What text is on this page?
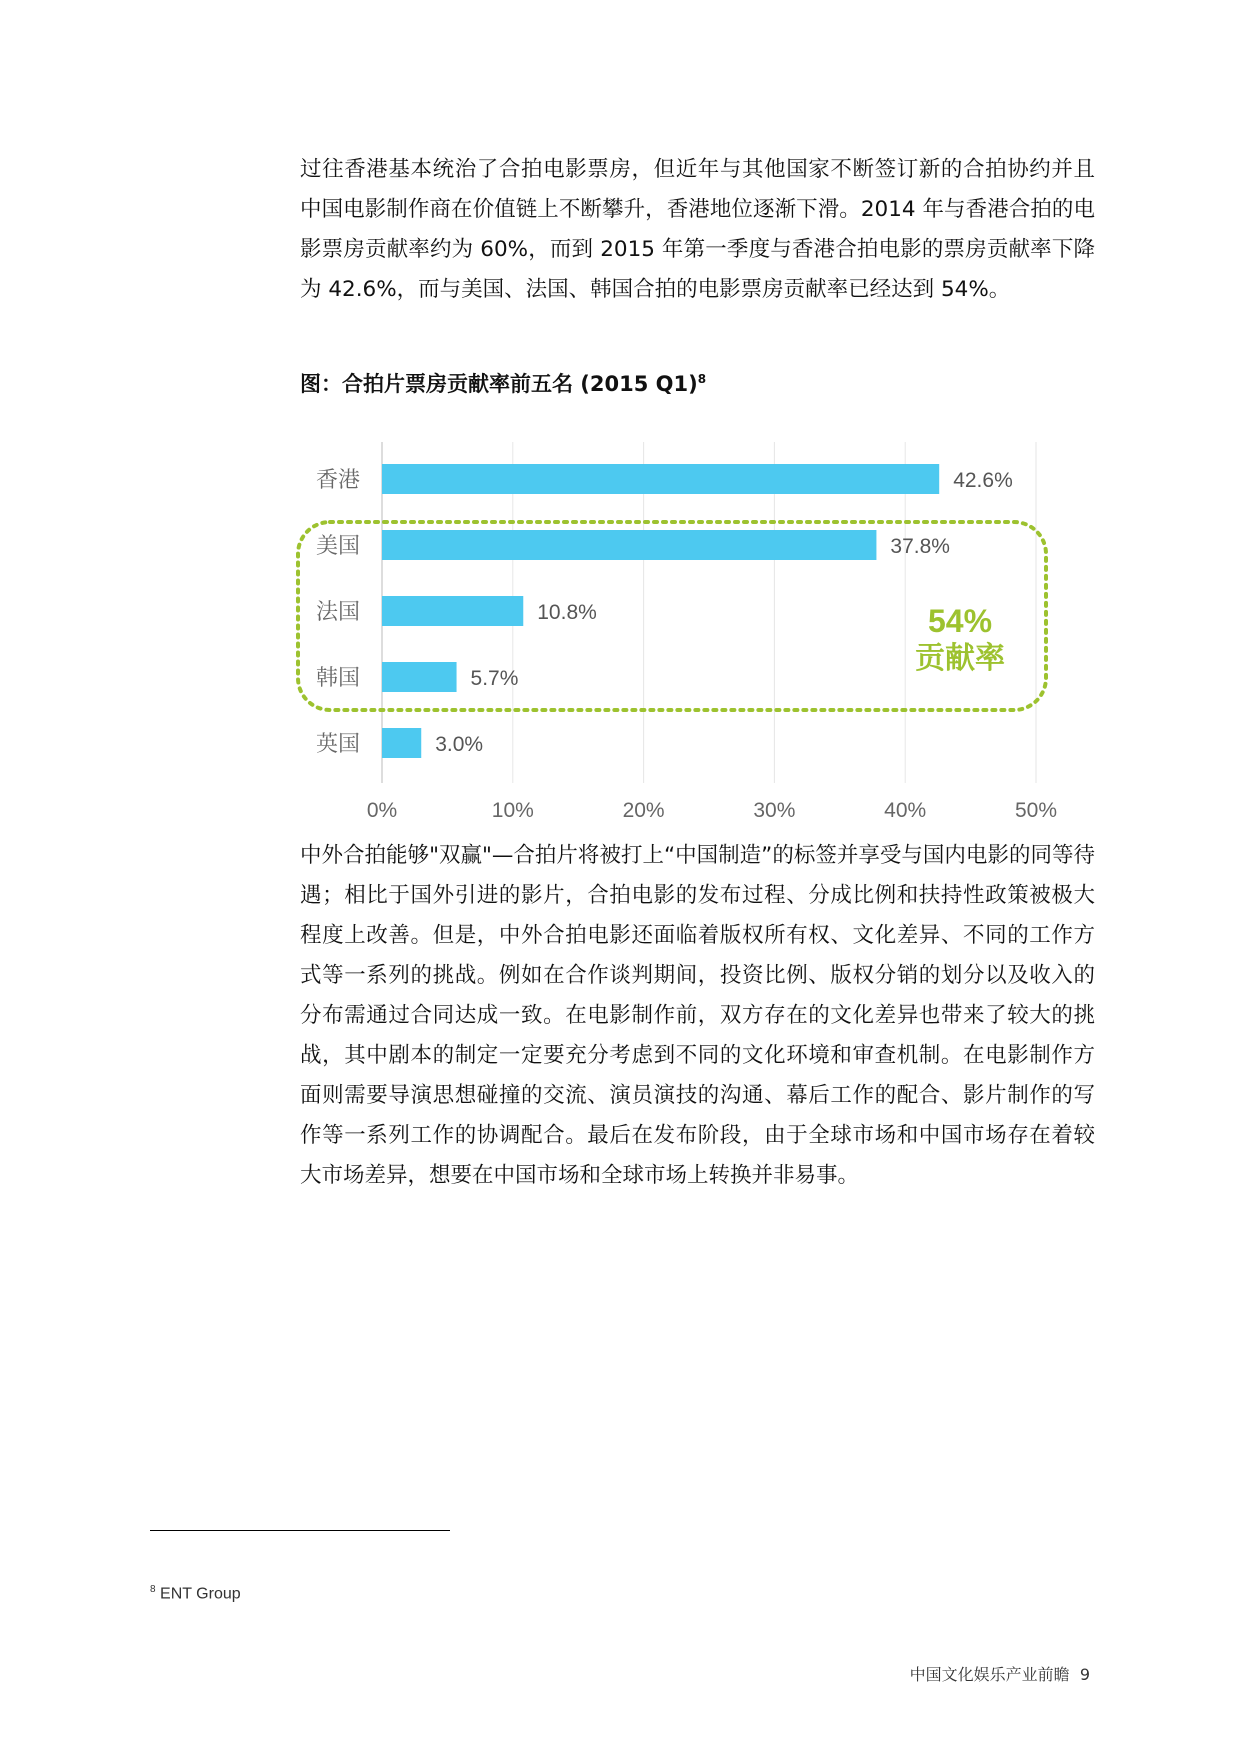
过往香港基本统治了合拍电影票房，但近年与其他国家不断签订新的合拍协约并且中国电影制作商在价值链上不断攀升，香港地位逐渐下滑。2014 年与香港合拍的电影票房贡献率约为 60%，而到 2015 年第一季度与香港合拍电影的票房贡献率下降为 42.6%，而与美国、法国、韩国合拍的电影票房贡献率已经达到 54%。

图：合拍片票房贡献率前五名 (2015 Q1)$^8$

0%	10%	20%	30%	40%	50%
香港	42.6%
美国	37.8%
法国	10.8%
韩国	5.7%
英国	3.0%
54%
贡献率

中外合拍能够"双赢"—合拍片将被打上“中国制造”的标签并享受与国内电影的同等待遇；相比于国外引进的影片，合拍电影的发布过程、分成比例和扶持性政策被极大程度上改善。但是，中外合拍电影还面临着版权所有权、文化差异、不同的工作方式等一系列的挑战。例如在合作谈判期间，投资比例、版权分销的划分以及收入的分布需通过合同达成一致。在电影制作前，双方存在的文化差异也带来了较大的挑战，其中剧本的制定一定要充分考虑到不同的文化环境和审查机制。在电影制作方面则需要导演思想碰撞的交流、演员演技的沟通、幕后工作的配合、影片制作的写作等一系列工作的协调配合。最后在发布阶段，由于全球市场和中国市场存在着较大市场差异，想要在中国市场和全球市场上转换并非易事。

$^8$ ENT Group
中国文化娱乐产业前瞻 9
